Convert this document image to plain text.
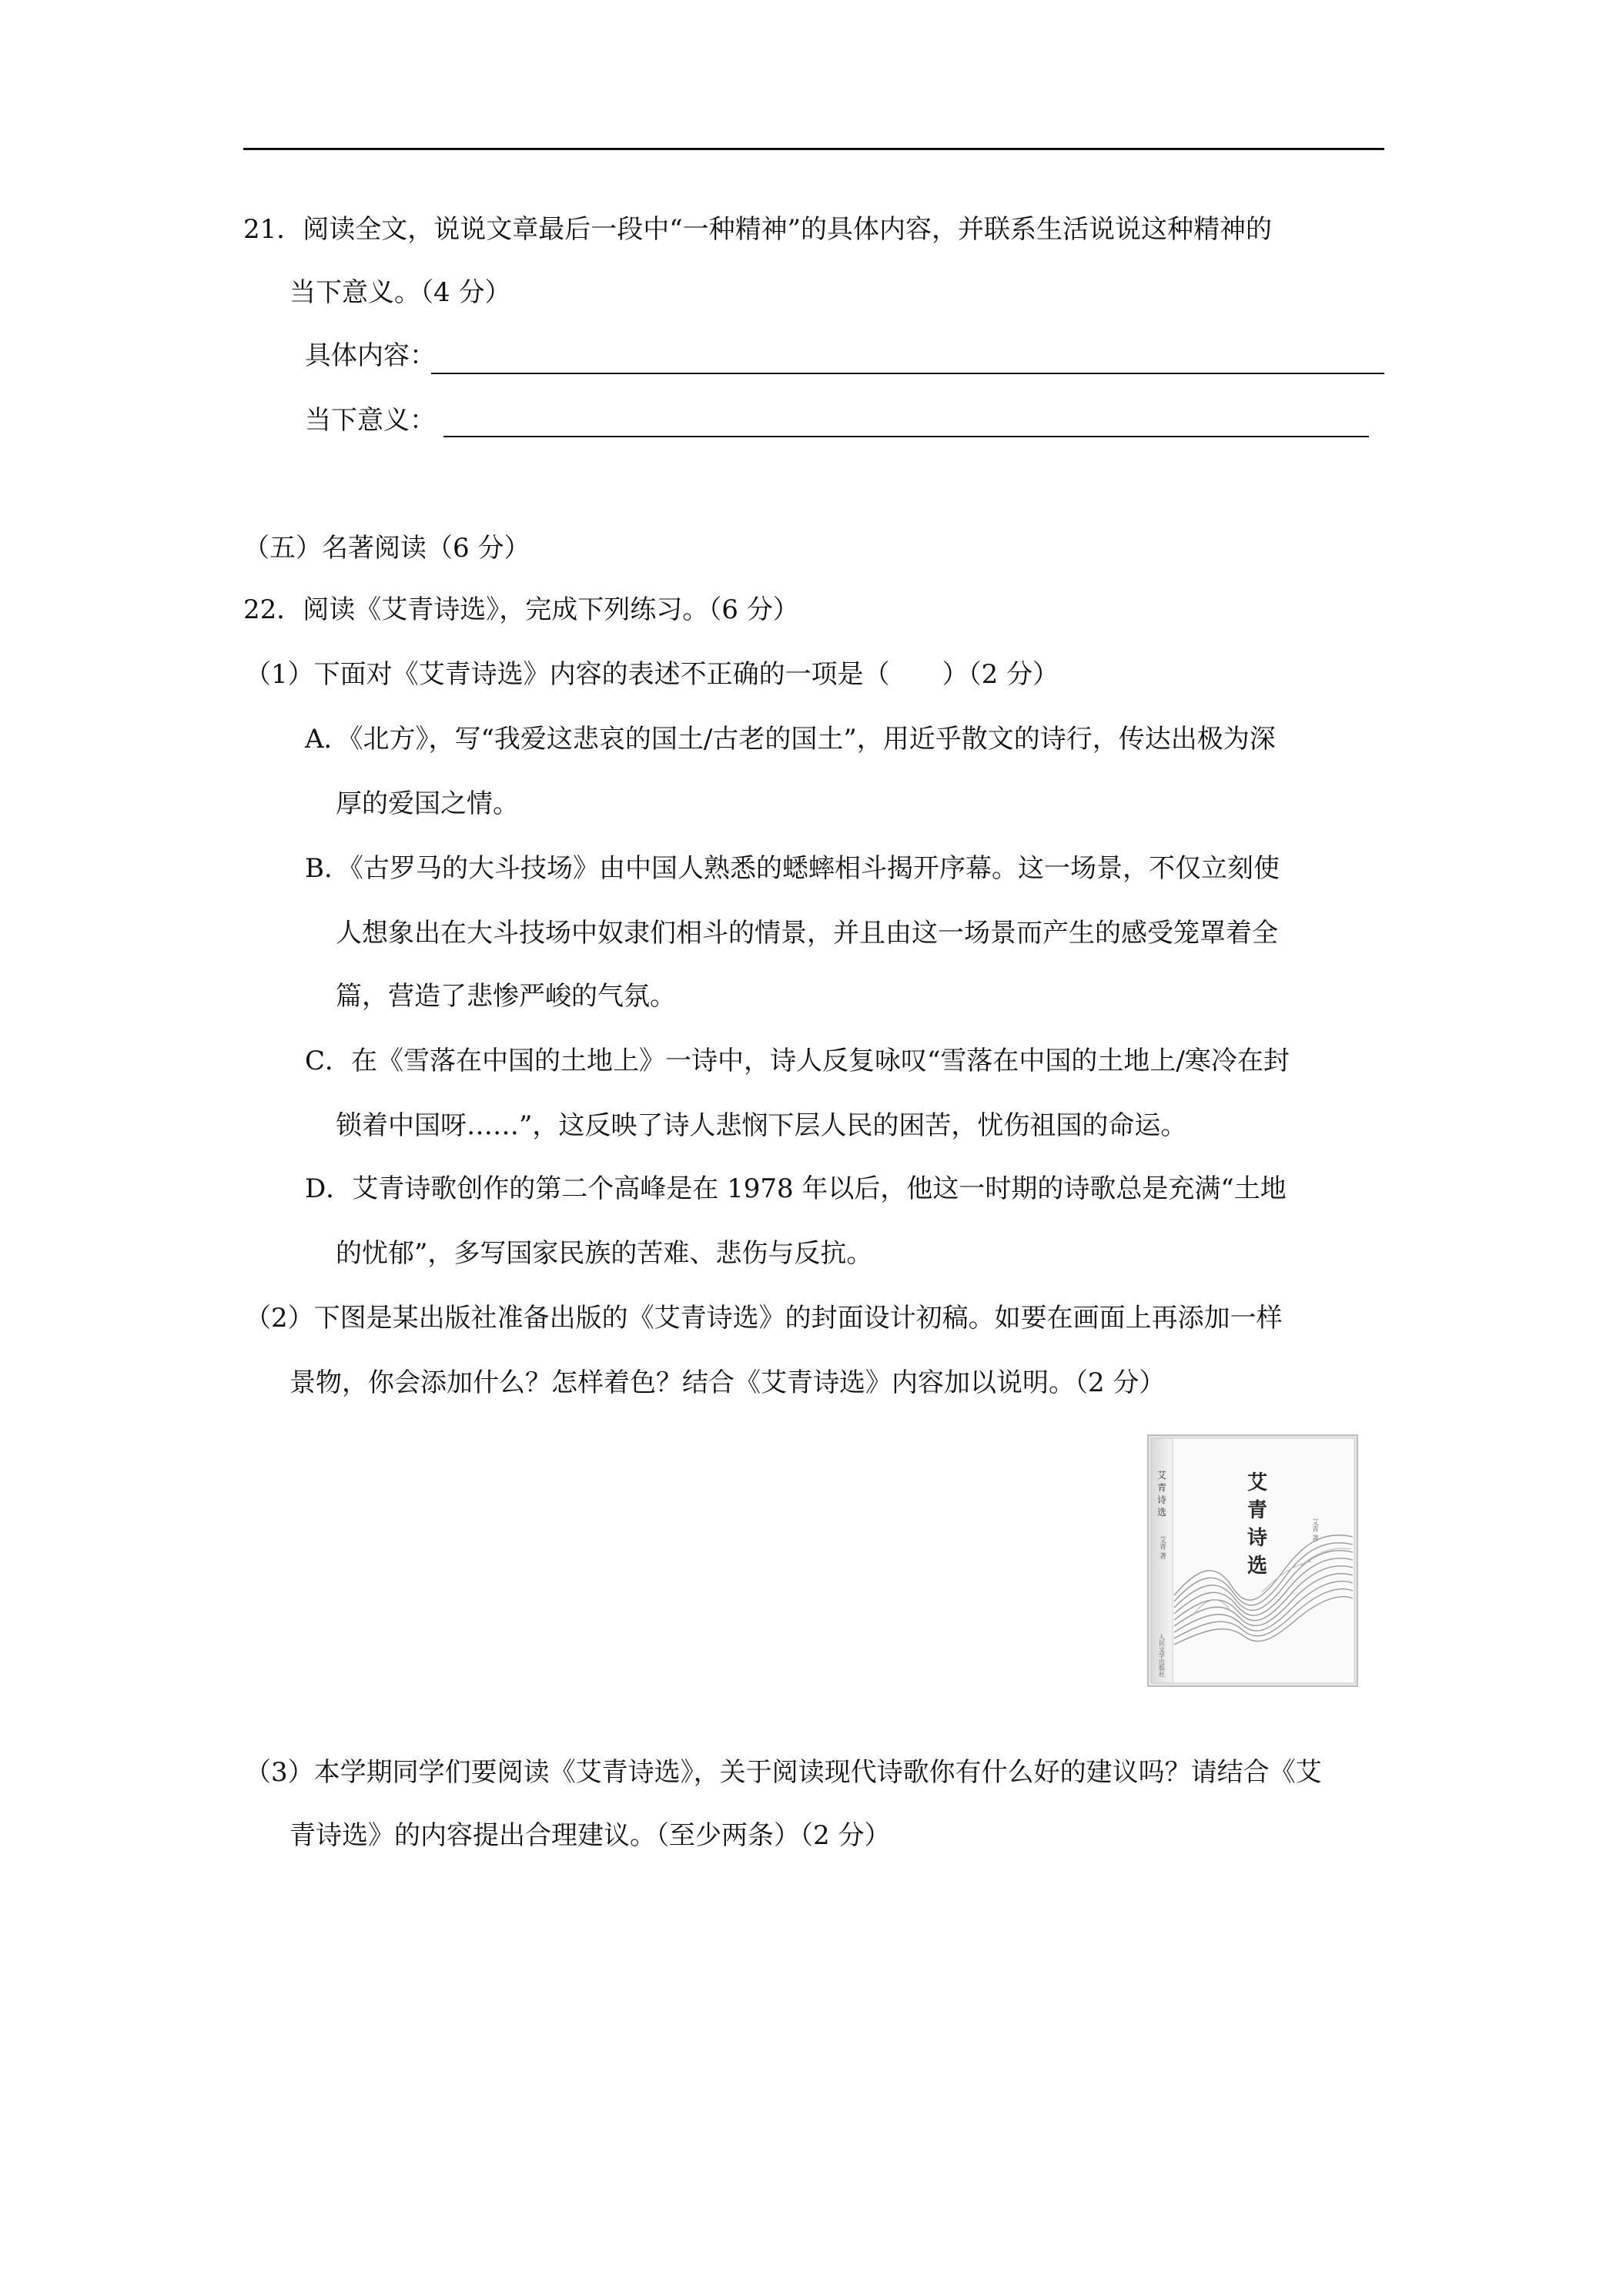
21．阅读全文，说说文章最后一段中“一种精神”的具体内容，并联系生活说说这种精神的
当下意义。（4 分）
具体内容：
当下意义：
（五）名著阅读（6 分）
22．阅读《艾青诗选》，完成下列练习。（6 分）
（1）下面对《艾青诗选》内容的表述不正确的一项是（　　）（2 分）
A．《北方》，写“我爱这悲哀的国土/古老的国土”，用近乎散文的诗行，传达出极为深
厚的爱国之情。
B．《古罗马的大斗技场》由中国人熟悉的蟋蟀相斗揭开序幕。这一场景，不仅立刻使
人想象出在大斗技场中奴隶们相斗的情景，并且由这一场景而产生的感受笼罩着全
篇，营造了悲惨严峻的气氛。
C．在《雪落在中国的土地上》一诗中，诗人反复咏叹“雪落在中国的土地上/寒冷在封
锁着中国呀……”，这反映了诗人悲悯下层人民的困苦，忧伤祖国的命运。
D．艾青诗歌创作的第二个高峰是在 1978 年以后，他这一时期的诗歌总是充满“土地
的忧郁”，多写国家民族的苦难、悲伤与反抗。
（2）下图是某出版社准备出版的《艾青诗选》的封面设计初稿。如要在画面上再添加一样
景物，你会添加什么？怎样着色？结合《艾青诗选》内容加以说明。（2 分）
艾
青
诗
选
艾青 著
人民文学出版社
艾
青
诗
选
艾青 著
（3）本学期同学们要阅读《艾青诗选》，关于阅读现代诗歌你有什么好的建议吗？请结合《艾
青诗选》的内容提出合理建议。（至少两条）（2 分）
